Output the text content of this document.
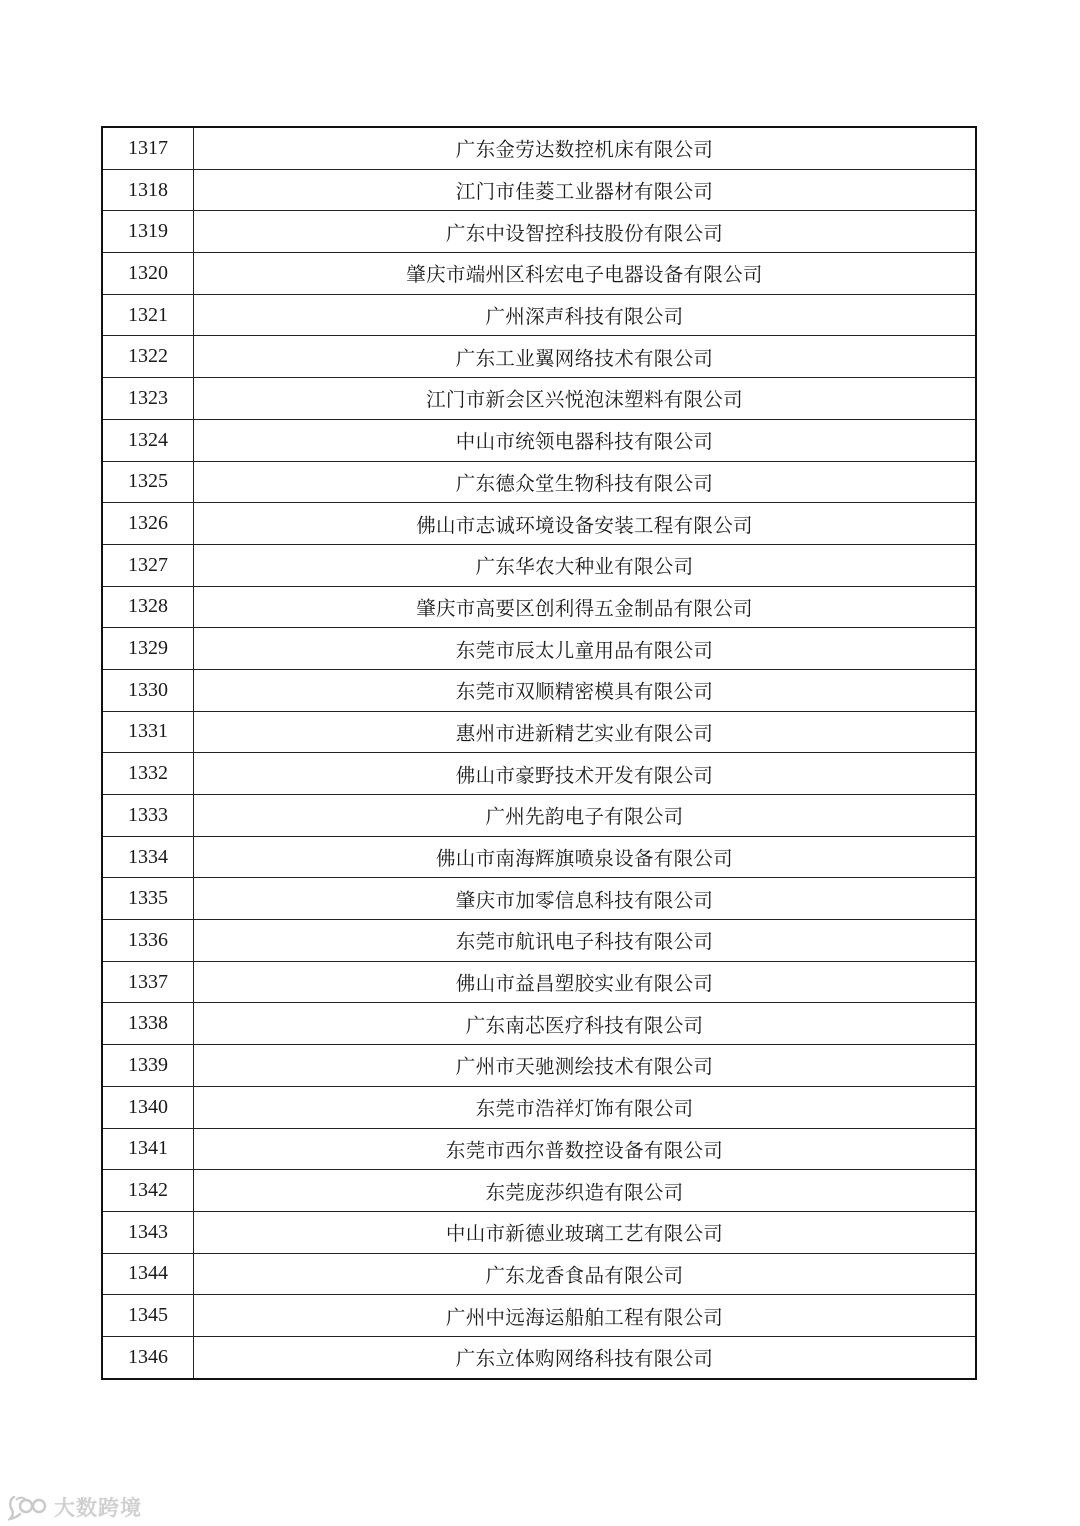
1317	广东金劳达数控机床有限公司
1318	江门市佳菱工业器材有限公司
1319	广东中设智控科技股份有限公司
1320	肇庆市端州区科宏电子电器设备有限公司
1321	广州深声科技有限公司
1322	广东工业翼网络技术有限公司
1323	江门市新会区兴悦泡沫塑料有限公司
1324	中山市统领电器科技有限公司
1325	广东德众堂生物科技有限公司
1326	佛山市志诚环境设备安装工程有限公司
1327	广东华农大种业有限公司
1328	肇庆市高要区创利得五金制品有限公司
1329	东莞市辰太儿童用品有限公司
1330	东莞市双顺精密模具有限公司
1331	惠州市进新精艺实业有限公司
1332	佛山市豪野技术开发有限公司
1333	广州先韵电子有限公司
1334	佛山市南海辉旗喷泉设备有限公司
1335	肇庆市加零信息科技有限公司
1336	东莞市航讯电子科技有限公司
1337	佛山市益昌塑胶实业有限公司
1338	广东南芯医疗科技有限公司
1339	广州市天驰测绘技术有限公司
1340	东莞市浩祥灯饰有限公司
1341	东莞市西尔普数控设备有限公司
1342	东莞庞莎织造有限公司
1343	中山市新德业玻璃工艺有限公司
1344	广东龙香食品有限公司
1345	广州中远海运船舶工程有限公司
1346	广东立体购网络科技有限公司
大数跨境
